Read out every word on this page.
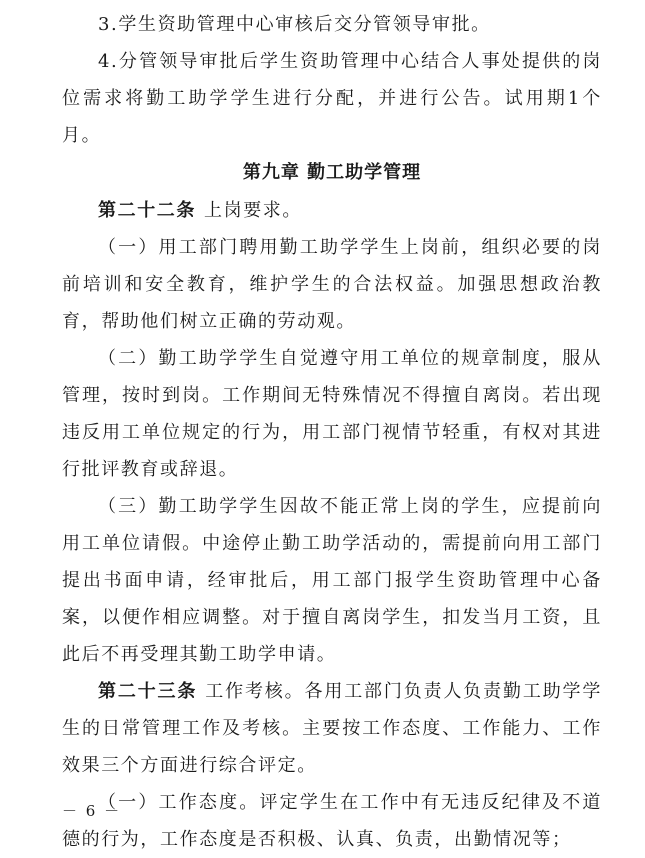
3.学生资助管理中心审核后交分管领导审批。

4.分管领导审批后学生资助管理中心结合人事处提供的岗位需求将勤工助学学生进行分配，并进行公告。试用期1个月。

第九章 勤工助学管理

第二十二条 上岗要求。

（一）用工部门聘用勤工助学学生上岗前，组织必要的岗前培训和安全教育，维护学生的合法权益。加强思想政治教育，帮助他们树立正确的劳动观。

（二）勤工助学学生自觉遵守用工单位的规章制度，服从管理，按时到岗。工作期间无特殊情况不得擅自离岗。若出现违反用工单位规定的行为，用工部门视情节轻重，有权对其进行批评教育或辞退。

（三）勤工助学学生因故不能正常上岗的学生，应提前向用工单位请假。中途停止勤工助学活动的，需提前向用工部门提出书面申请，经审批后，用工部门报学生资助管理中心备案，以便作相应调整。对于擅自离岗学生，扣发当月工资，且此后不再受理其勤工助学申请。

第二十三条 工作考核。各用工部门负责人负责勤工助学学生的日常管理工作及考核。主要按工作态度、工作能力、工作效果三个方面进行综合评定。

（一）工作态度。评定学生在工作中有无违反纪律及不道德的行为，工作态度是否积极、认真、负责，出勤情况等；

－ 6 －
